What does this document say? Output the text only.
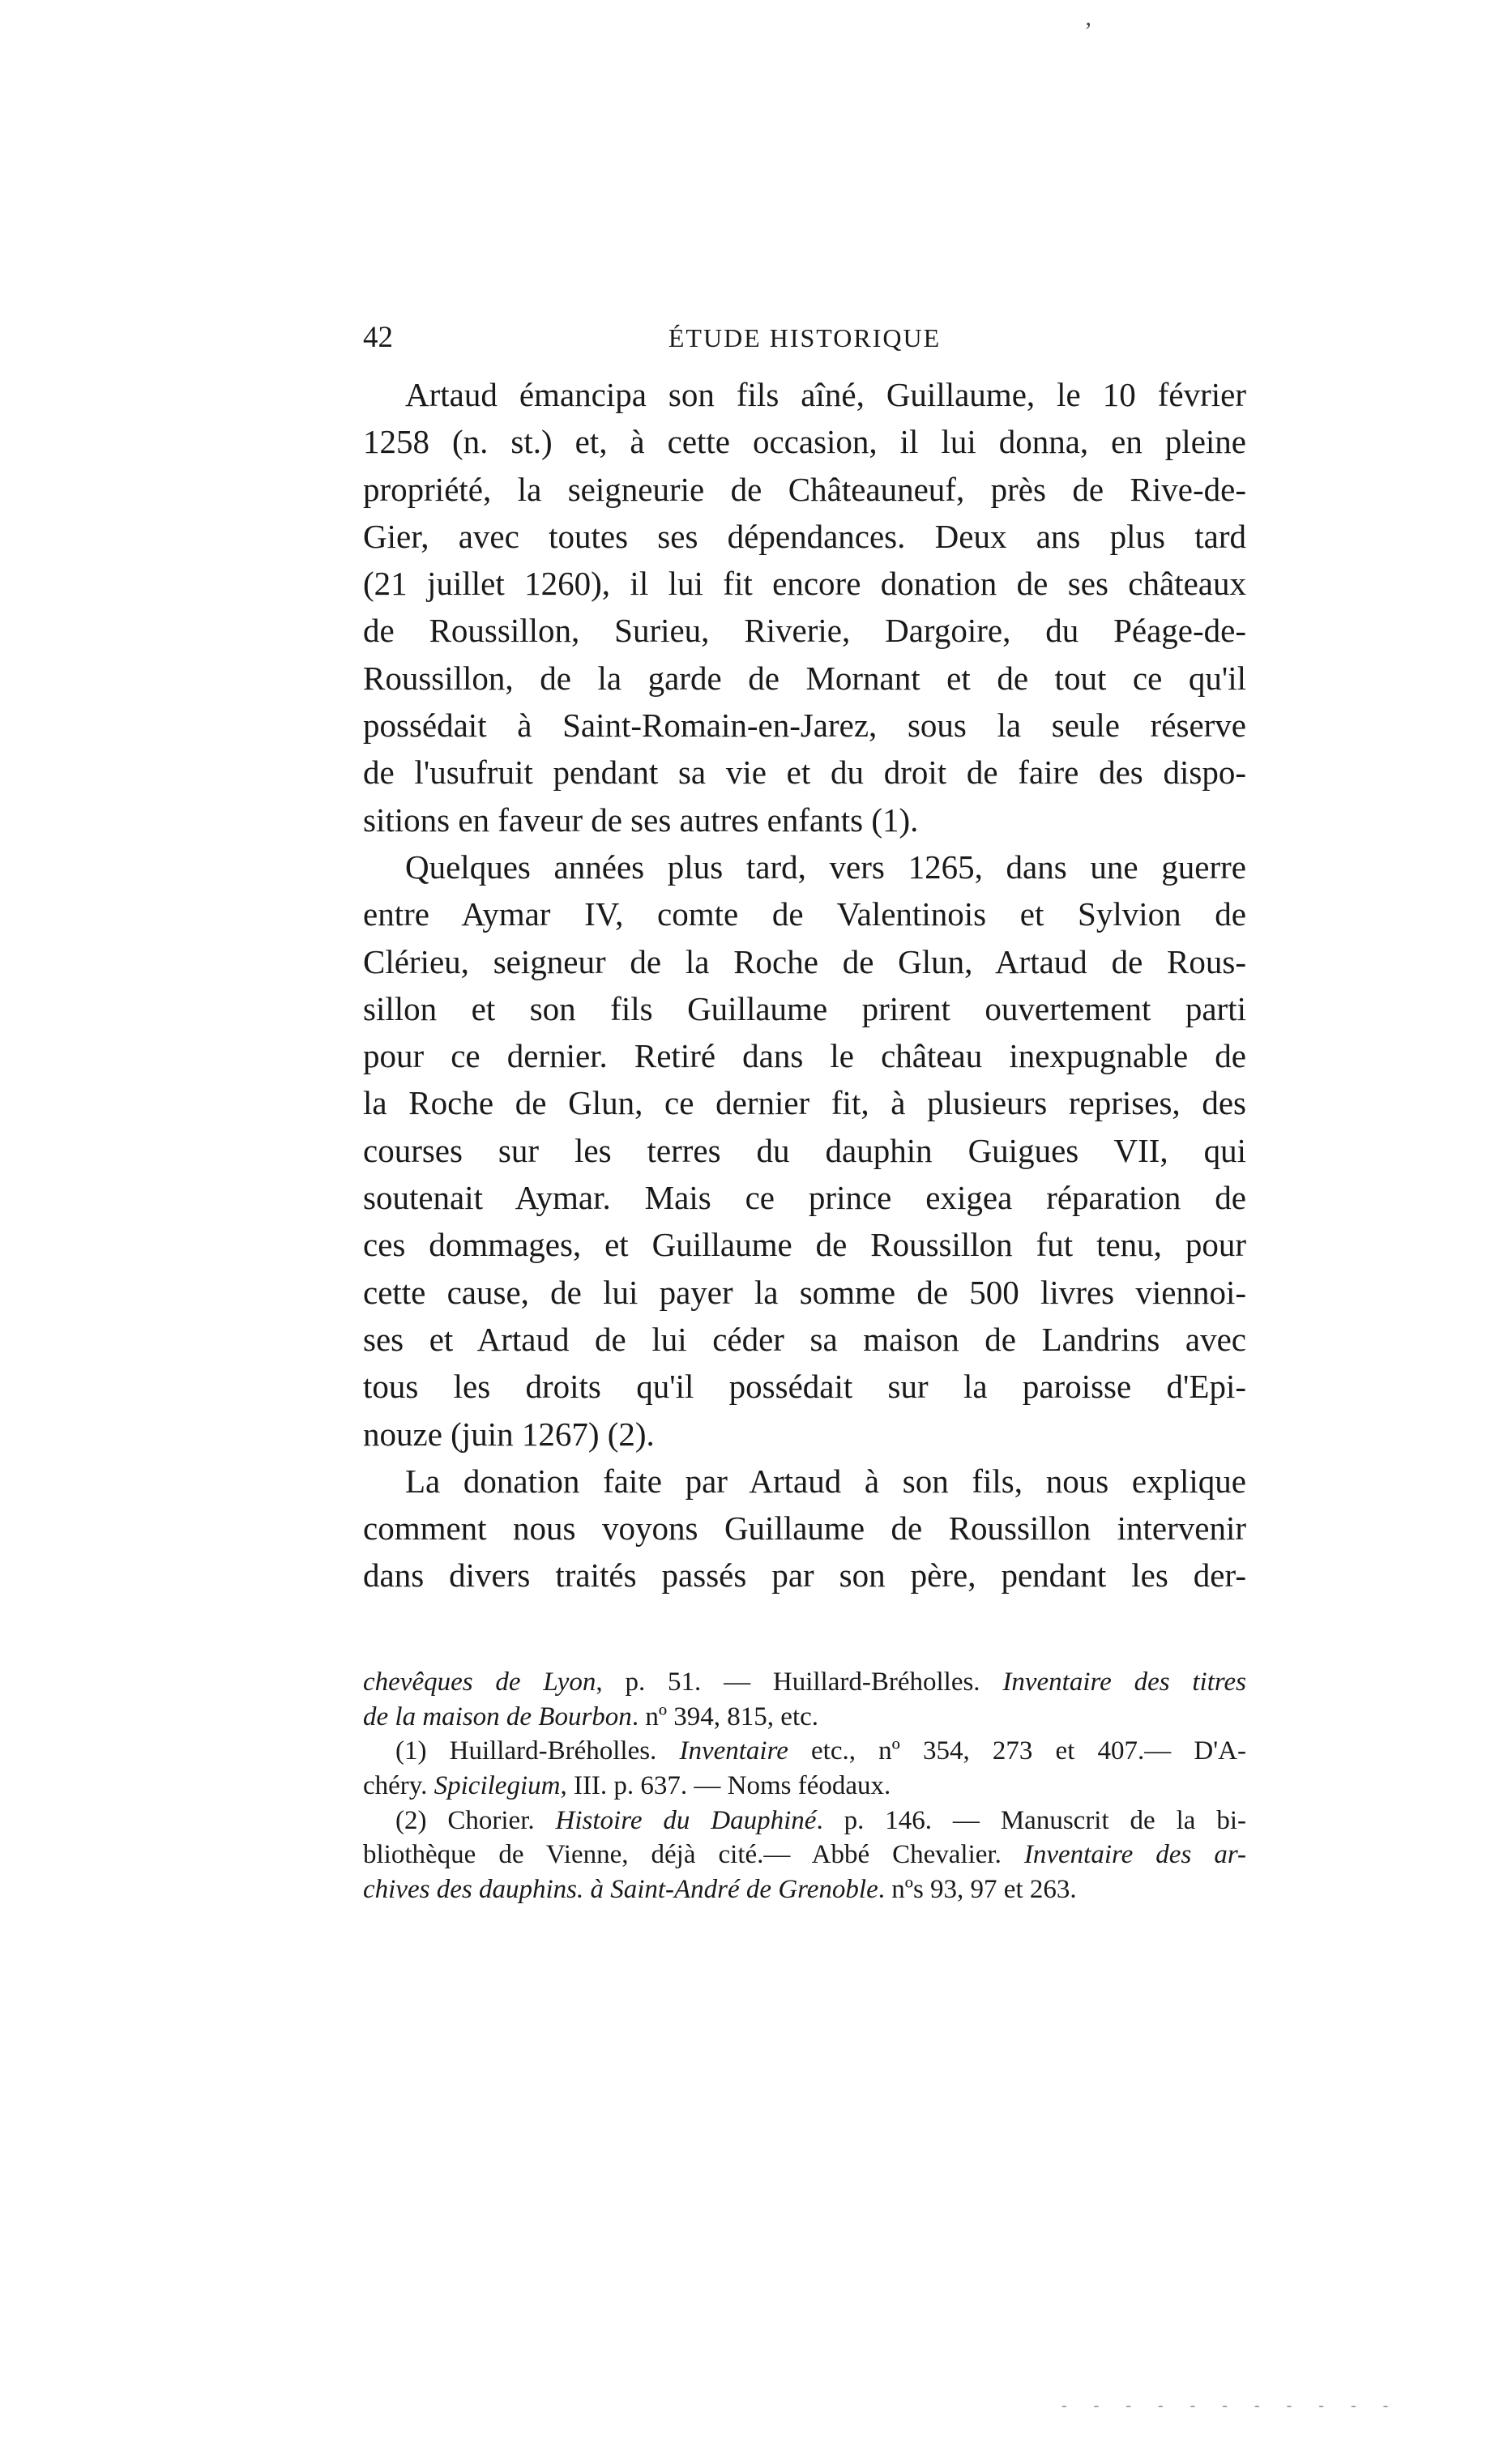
ʼ
42	ÉTUDE HISTORIQUE
Artaud émancipa son fils aîné, Guillaume, le 10 février
1258 (n. st.) et, à cette occasion, il lui donna, en pleine
propriété, la seigneurie de Châteauneuf, près de Rive-de-
Gier, avec toutes ses dépendances. Deux ans plus tard
(21 juillet 1260), il lui fit encore donation de ses châteaux
de Roussillon, Surieu, Riverie, Dargoire, du Péage-de-
Roussillon, de la garde de Mornant et de tout ce qu'il
possédait à Saint-Romain-en-Jarez, sous la seule réserve
de l'usufruit pendant sa vie et du droit de faire des dispo-
sitions en faveur de ses autres enfants (1).
Quelques années plus tard, vers 1265, dans une guerre
entre Aymar IV, comte de Valentinois et Sylvion de
Clérieu, seigneur de la Roche de Glun, Artaud de Rous-
sillon et son fils Guillaume prirent ouvertement parti
pour ce dernier. Retiré dans le château inexpugnable de
la Roche de Glun, ce dernier fit, à plusieurs reprises, des
courses sur les terres du dauphin Guigues VII, qui
soutenait Aymar. Mais ce prince exigea réparation de
ces dommages, et Guillaume de Roussillon fut tenu, pour
cette cause, de lui payer la somme de 500 livres viennoi-
ses et Artaud de lui céder sa maison de Landrins avec
tous les droits qu'il possédait sur la paroisse d'Epi-
nouze (juin 1267) (2).
La donation faite par Artaud à son fils, nous explique
comment nous voyons Guillaume de Roussillon intervenir
dans divers traités passés par son père, pendant les der-
chevêques de Lyon, p. 51. — Huillard-Bréholles. Inventaire des titres
de la maison de Bourbon. nº 394, 815, etc.
(1) Huillard-Bréholles. Inventaire etc., nº 354, 273 et 407.— D'A-
chéry. Spicilegium, III. p. 637. — Noms féodaux.
(2) Chorier. Histoire du Dauphiné. p. 146. — Manuscrit de la bi-
bliothèque de Vienne, déjà cité.— Abbé Chevalier. Inventaire des ar-
chives des dauphins. à Saint-André de Grenoble. nºs 93, 97 et 263.
- - - - - - - - - - -
